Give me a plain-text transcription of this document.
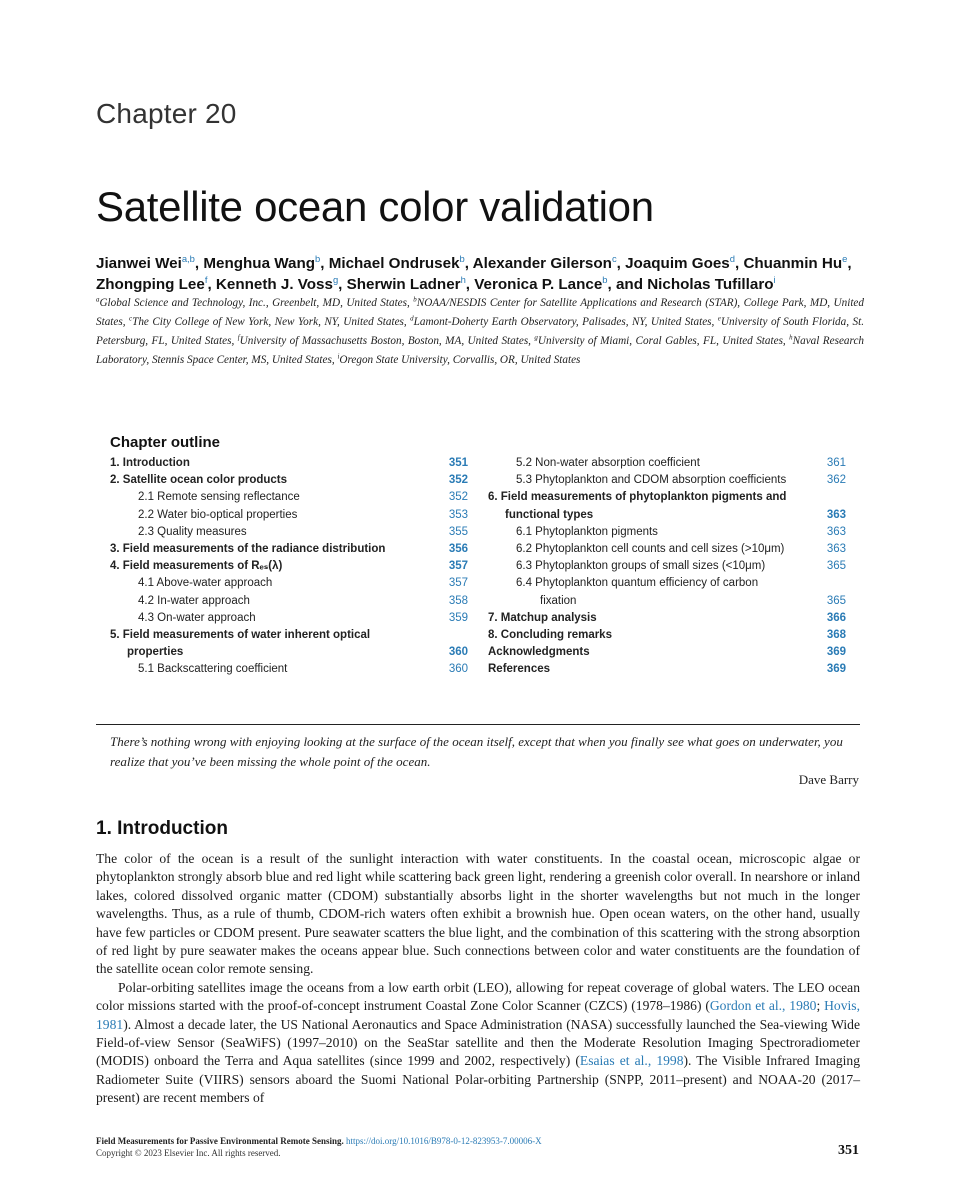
Chapter 20
Satellite ocean color validation
Jianwei Wei$^{a,b}$, Menghua Wang$^b$, Michael Ondrusek$^b$, Alexander Gilerson$^c$, Joaquim Goes$^d$, Chuanmin Hu$^e$, Zhongping Lee$^f$, Kenneth J. Voss$^g$, Sherwin Ladner$^h$, Veronica P. Lance$^b$, and Nicholas Tufillaro$^i$
$^a$Global Science and Technology, Inc., Greenbelt, MD, United States, $^b$NOAA/NESDIS Center for Satellite Applications and Research (STAR), College Park, MD, United States, $^c$The City College of New York, New York, NY, United States, $^d$Lamont-Doherty Earth Observatory, Palisades, NY, United States, $^e$University of South Florida, St. Petersburg, FL, United States, $^f$University of Massachusetts Boston, Boston, MA, United States, $^g$University of Miami, Coral Gables, FL, United States, $^h$Naval Research Laboratory, Stennis Space Center, MS, United States, $^i$Oregon State University, Corvallis, OR, United States
Chapter outline
1. Introduction	351
2. Satellite ocean color products	352
2.1 Remote sensing reflectance	352
2.2 Water bio-optical properties	353
2.3 Quality measures	355
3. Field measurements of the radiance distribution	356
4. Field measurements of Rₑₛ(λ)	357
4.1 Above-water approach	357
4.2 In-water approach	358
4.3 On-water approach	359
5. Field measurements of water inherent optical
properties	360
5.1 Backscattering coefficient	360
5.2 Non-water absorption coefficient	361
5.3 Phytoplankton and CDOM absorption coefficients	362
6. Field measurements of phytoplankton pigments and
functional types	363
6.1 Phytoplankton pigments	363
6.2 Phytoplankton cell counts and cell sizes (>10μm)	363
6.3 Phytoplankton groups of small sizes (<10μm)	365
6.4 Phytoplankton quantum efficiency of carbon
fixation	365
7. Matchup analysis	366
8. Concluding remarks	368
Acknowledgments	369
References	369
There’s nothing wrong with enjoying looking at the surface of the ocean itself, except that when you finally see what goes on underwater, you realize that you’ve been missing the whole point of the ocean.
Dave Barry
1. Introduction

The color of the ocean is a result of the sunlight interaction with water constituents. In the coastal ocean, microscopic algae or phytoplankton strongly absorb blue and red light while scattering back green light, rendering a greenish color overall. In nearshore or inland lakes, colored dissolved organic matter (CDOM) substantially absorbs light in the shorter wavelengths but not much in the longer wavelengths. Thus, as a rule of thumb, CDOM-rich waters often exhibit a brownish hue. Open ocean waters, on the other hand, usually have few particles or CDOM present. Pure seawater scatters the blue light, and the combination of this scattering with the strong absorption of red light by pure seawater makes the oceans appear blue. Such connections between color and water constituents are the foundation of the satellite ocean color remote sensing.

Polar-orbiting satellites image the oceans from a low earth orbit (LEO), allowing for repeat coverage of global waters. The LEO ocean color missions started with the proof-of-concept instrument Coastal Zone Color Scanner (CZCS) (1978–1986) (Gordon et al., 1980; Hovis, 1981). Almost a decade later, the US National Aeronautics and Space Administration (NASA) successfully launched the Sea-viewing Wide Field-of-view Sensor (SeaWiFS) (1997–2010) on the SeaStar satellite and then the Moderate Resolution Imaging Spectroradiometer (MODIS) onboard the Terra and Aqua satellites (since 1999 and 2002, respectively) (Esaias et al., 1998). The Visible Infrared Imaging Radiometer Suite (VIIRS) sensors aboard the Suomi National Polar-orbiting Partnership (SNPP, 2011–present) and NOAA-20 (2017–present) are recent members of

Field Measurements for Passive Environmental Remote Sensing. https://doi.org/10.1016/B978-0-12-823953-7.00006-X
Copyright © 2023 Elsevier Inc. All rights reserved.	351
